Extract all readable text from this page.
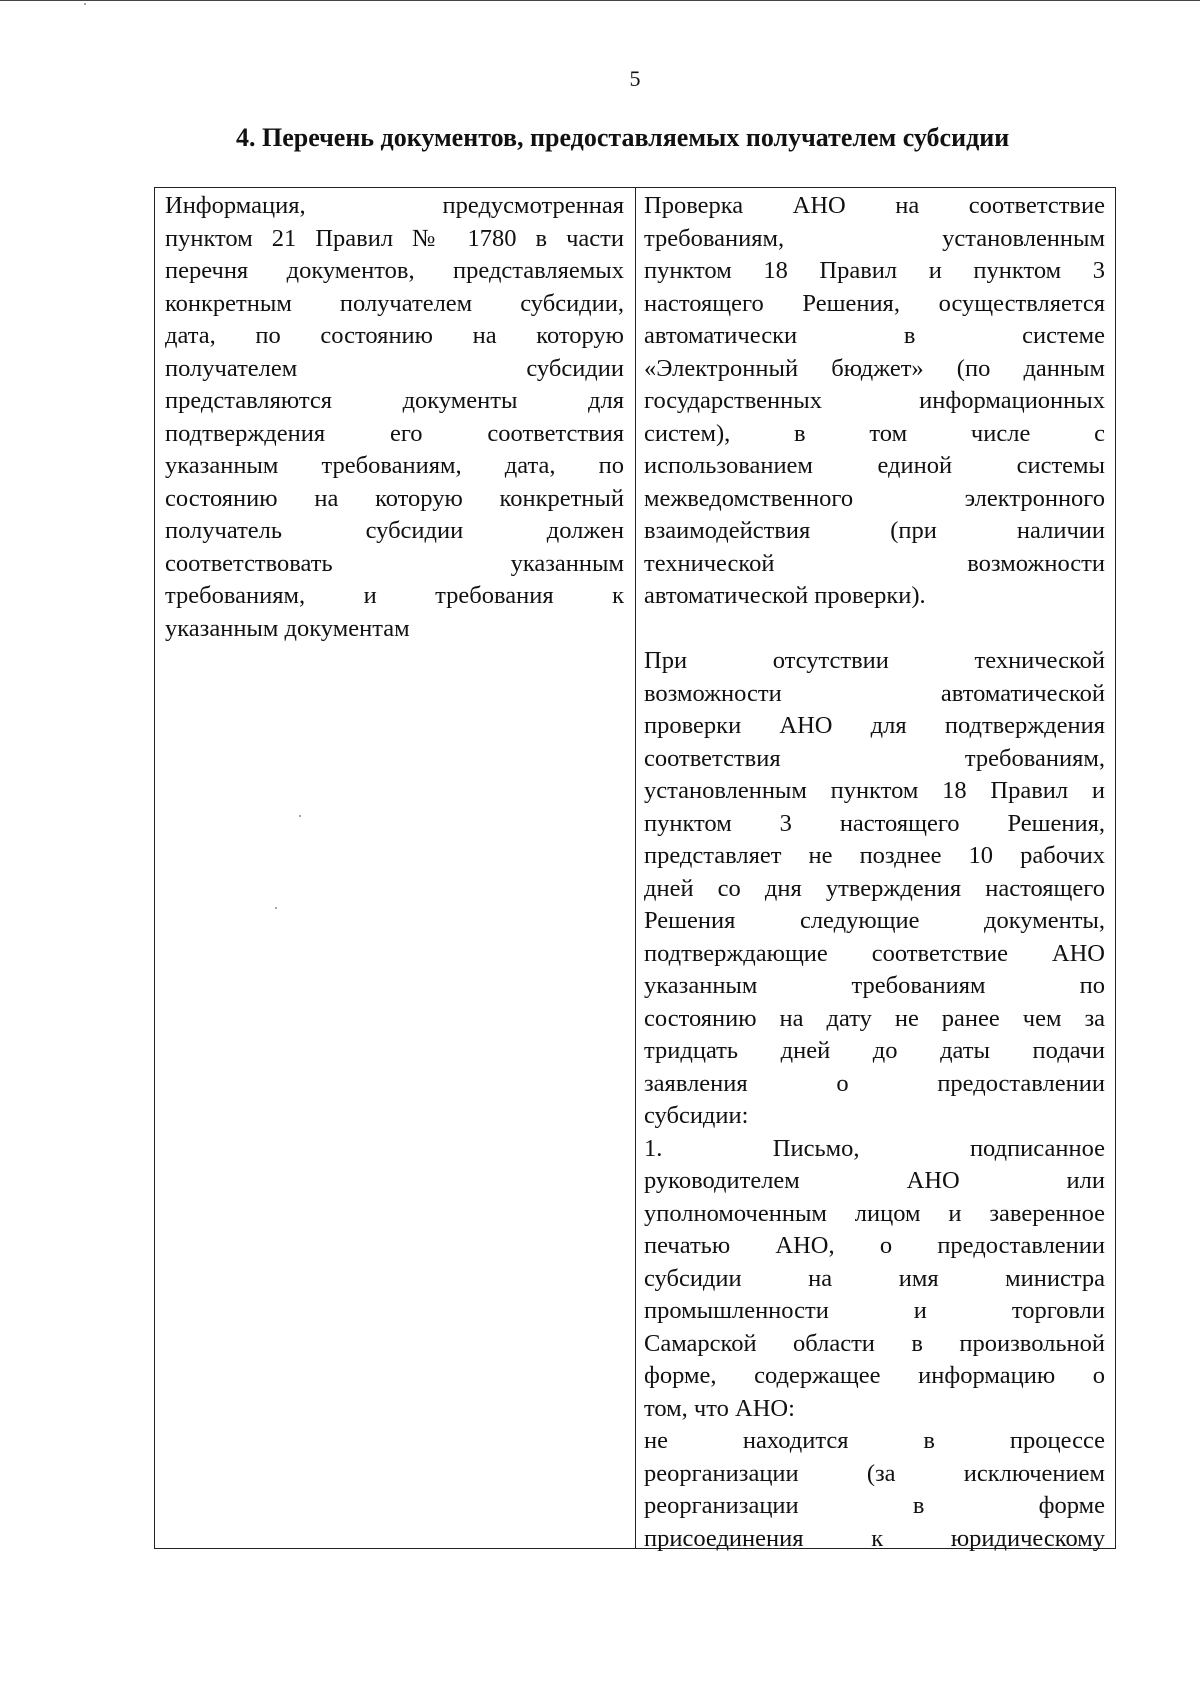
5
4. Перечень документов, предоставляемых получателем субсидии
Информация, предусмотренная
пунктом 21 Правил № 1780 в части
перечня документов, представляемых
конкретным получателем субсидии,
дата, по состоянию на которую
получателем субсидии
представляются документы для
подтверждения его соответствия
указанным требованиям, дата, по
состоянию на которую конкретный
получатель субсидии должен
соответствовать указанным
требованиям, и требования к
указанным документам
Проверка АНО на соответствие
требованиям, установленным
пунктом 18 Правил и пунктом 3
настоящего Решения, осуществляется
автоматически в системе
«Электронный бюджет» (по данным
государственных информационных
систем), в том числе с
использованием единой системы
межведомственного электронного
взаимодействия (при наличии
технической возможности
автоматической проверки).
При отсутствии технической
возможности автоматической
проверки АНО для подтверждения
соответствия требованиям,
установленным пунктом 18 Правил и
пунктом 3 настоящего Решения,
представляет не позднее 10 рабочих
дней со дня утверждения настоящего
Решения следующие документы,
подтверждающие соответствие АНО
указанным требованиям по
состоянию на дату не ранее чем за
тридцать дней до даты подачи
заявления о предоставлении
субсидии:
1. Письмо, подписанное
руководителем АНО или
уполномоченным лицом и заверенное
печатью АНО, о предоставлении
субсидии на имя министра
промышленности и торговли
Самарской области в произвольной
форме, содержащее информацию о
том, что АНО:
не находится в процессе
реорганизации (за исключением
реорганизации в форме
присоединения к юридическому
